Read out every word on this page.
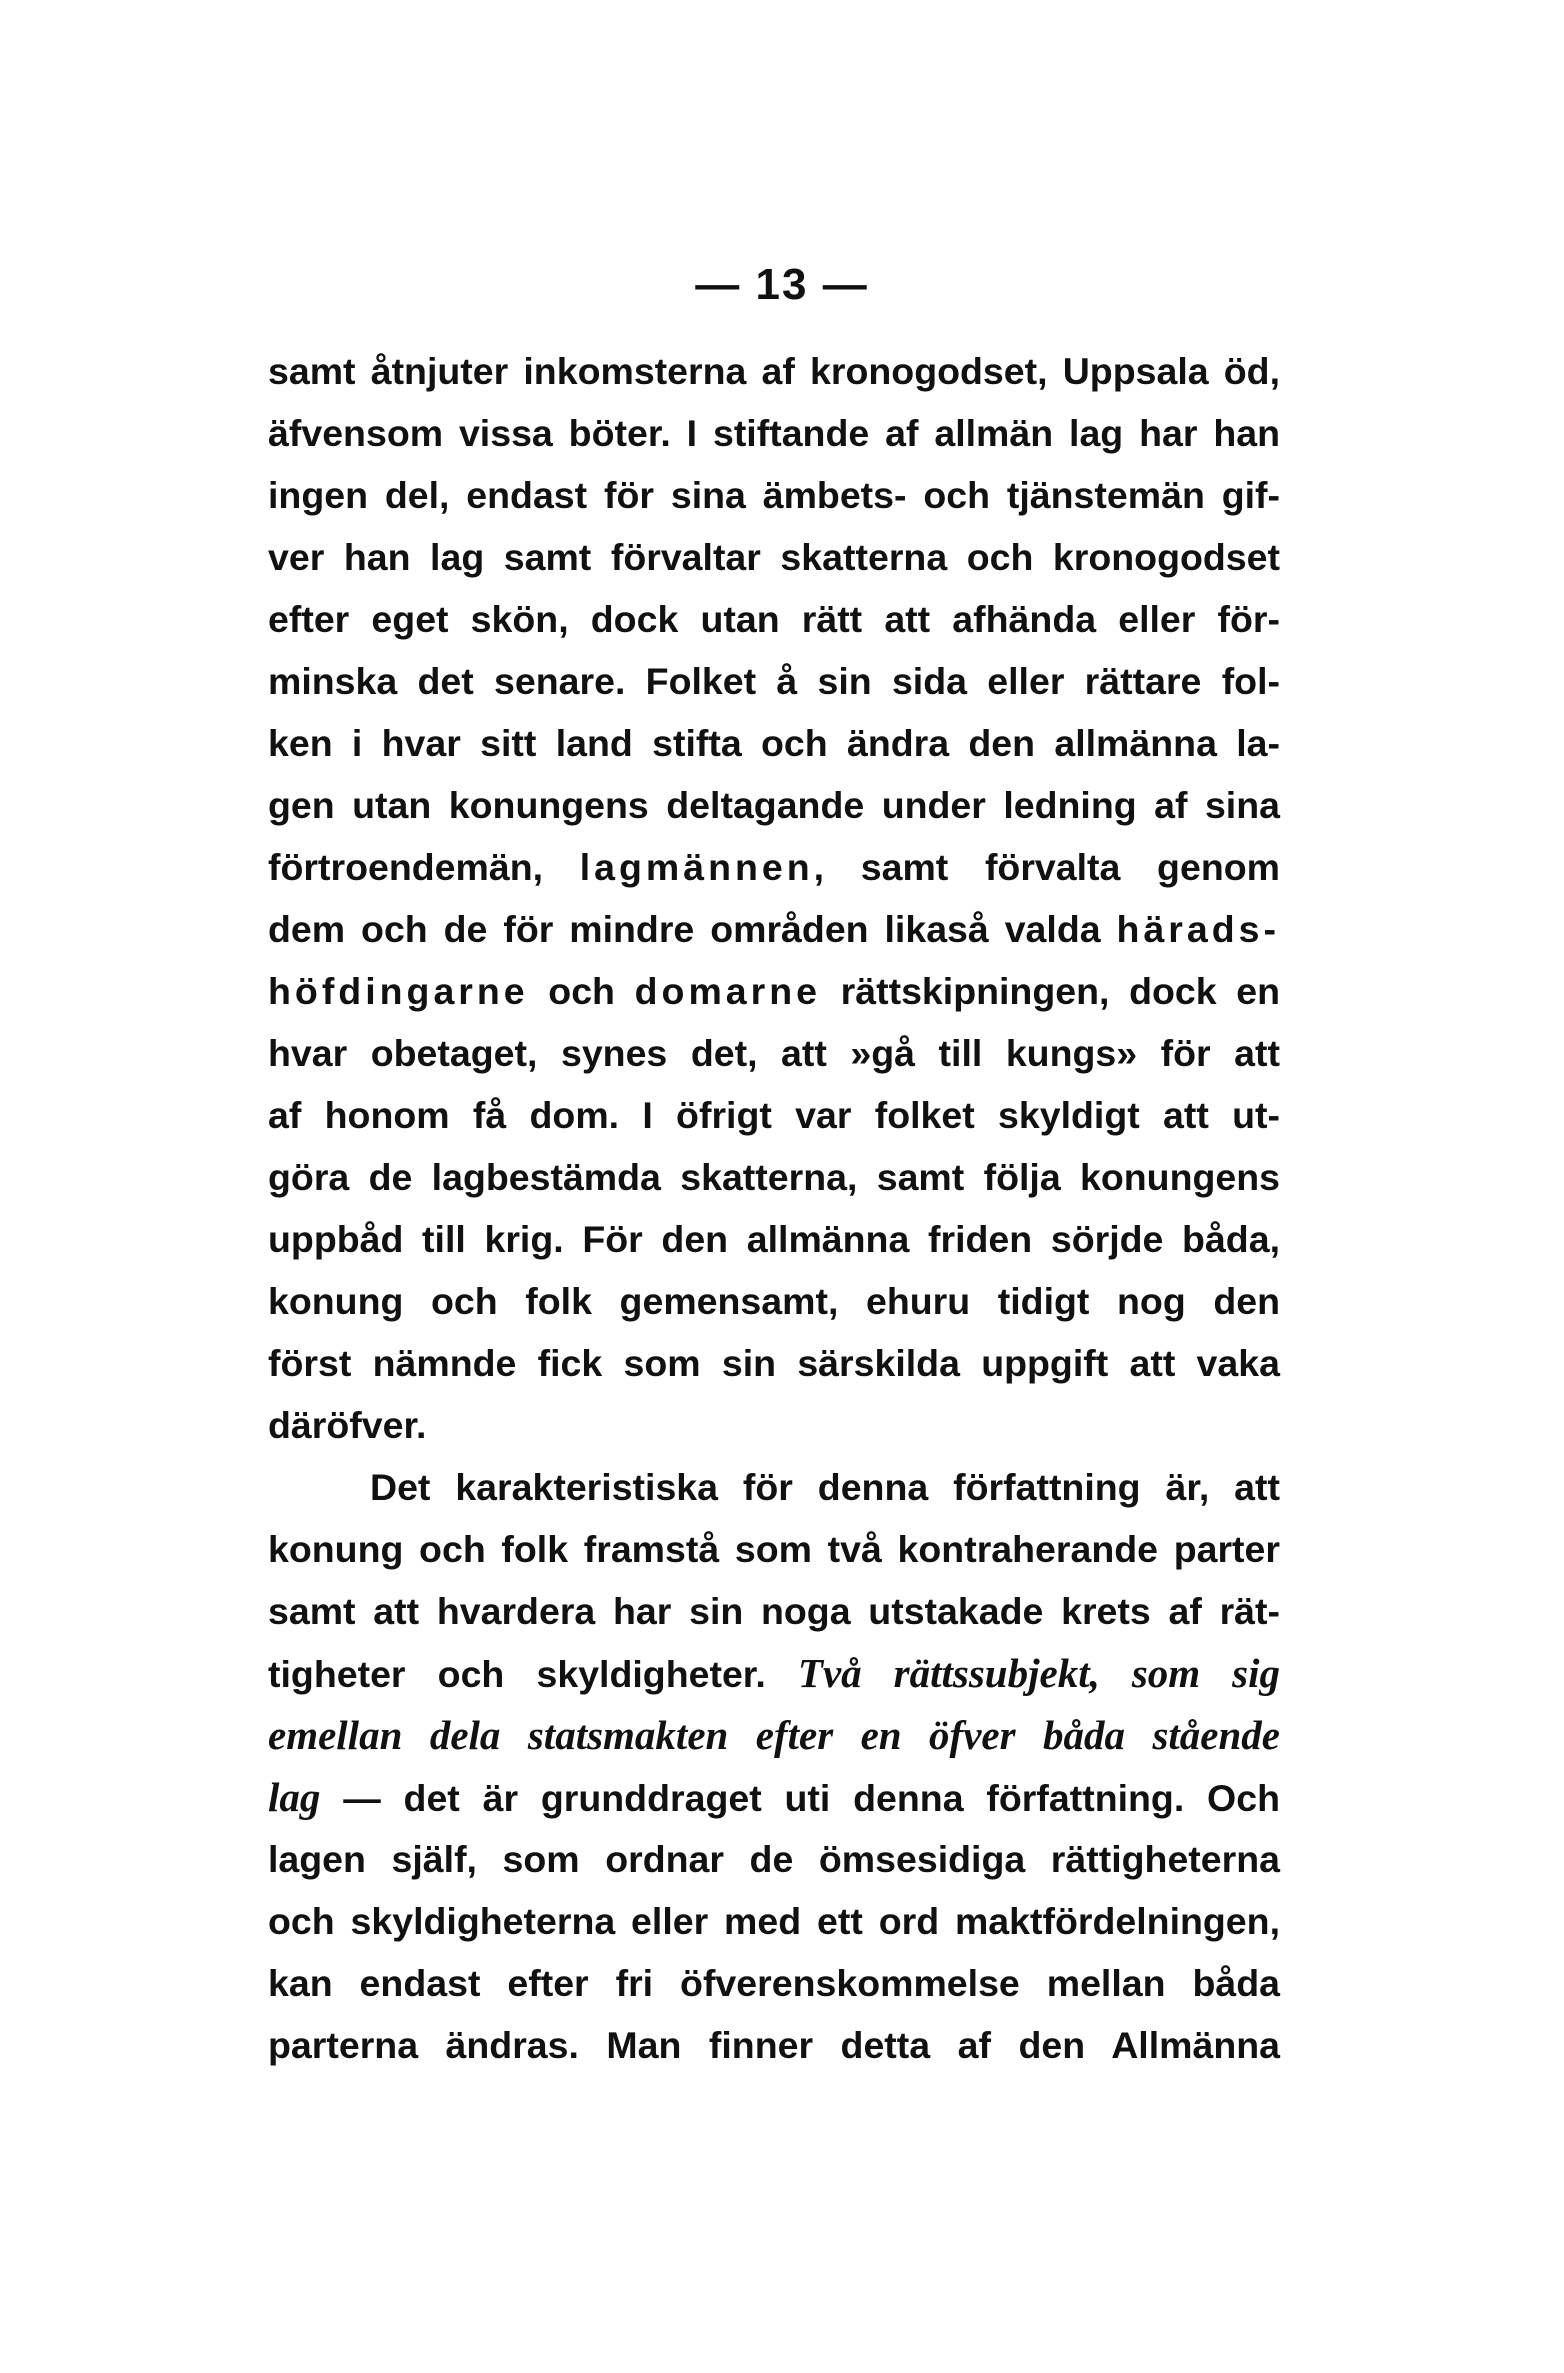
— 13 —
samt åtnjuter inkomsterna af kronogodset, Uppsala öd,
äfvensom vissa böter. I stiftande af allmän lag har han
ingen del, endast för sina ämbets- och tjänstemän gif-
ver han lag samt förvaltar skatterna och kronogodset
efter eget skön, dock utan rätt att afhända eller för-
minska det senare. Folket å sin sida eller rättare fol-
ken i hvar sitt land stifta och ändra den allmänna la-
gen utan konungens deltagande under ledning af sina
förtroendemän, lagmännen, samt förvalta genom
dem och de för mindre områden likaså valda härads-
höfdingarne och domarne rättskipningen, dock en
hvar obetaget, synes det, att »gå till kungs» för att
af honom få dom. I öfrigt var folket skyldigt att ut-
göra de lagbestämda skatterna, samt följa konungens
uppbåd till krig. För den allmänna friden sörjde båda,
konung och folk gemensamt, ehuru tidigt nog den
först nämnde fick som sin särskilda uppgift att vaka
däröfver.
Det karakteristiska för denna författning är, att
konung och folk framstå som två kontraherande parter
samt att hvardera har sin noga utstakade krets af rät-
tigheter och skyldigheter. Två rättssubjekt, som sig
emellan dela statsmakten efter en öfver båda stående
lag — det är grunddraget uti denna författning. Och
lagen själf, som ordnar de ömsesidiga rättigheterna
och skyldigheterna eller med ett ord maktfördelningen,
kan endast efter fri öfverenskommelse mellan båda
parterna ändras. Man finner detta af den Allmänna
